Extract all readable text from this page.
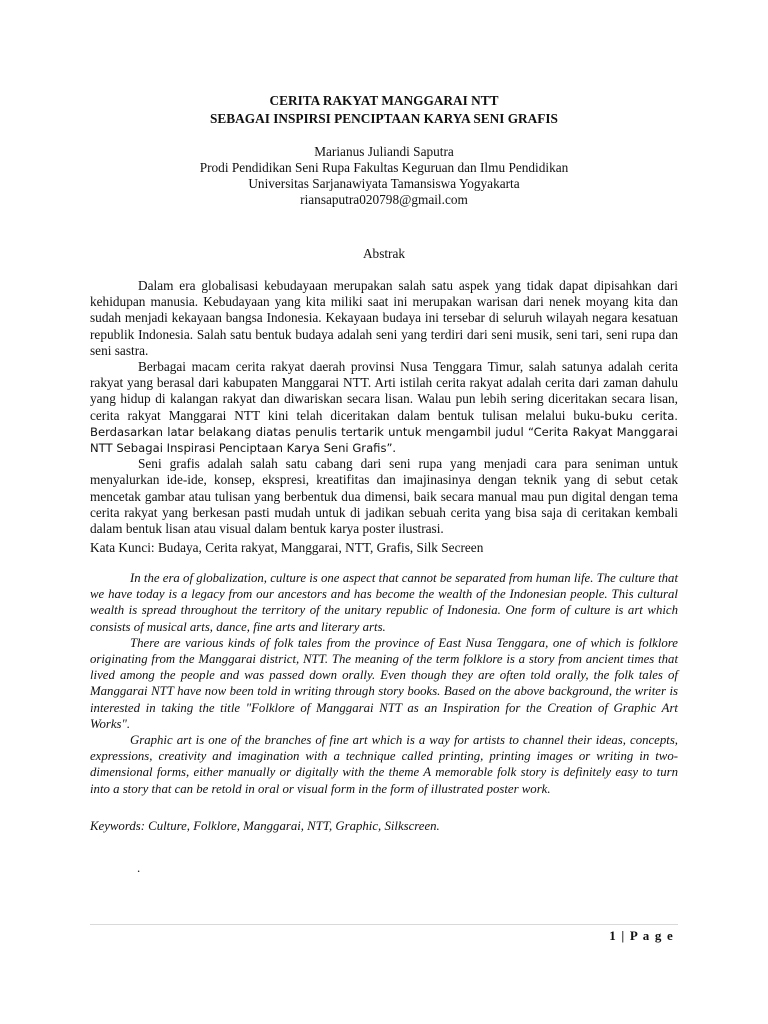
CERITA RAKYAT MANGGARAI NTT
SEBAGAI INSPIRSI PENCIPTAAN KARYA SENI GRAFIS
Marianus Juliandi Saputra
Prodi Pendidikan Seni Rupa Fakultas Keguruan dan Ilmu Pendidikan
Universitas Sarjanawiyata Tamansiswa Yogyakarta
riansaputra020798@gmail.com
Abstrak

Dalam era globalisasi kebudayaan merupakan salah satu aspek yang tidak dapat dipisahkan dari kehidupan manusia. Kebudayaan yang kita miliki saat ini merupakan warisan dari nenek moyang kita dan sudah menjadi kekayaan bangsa Indonesia. Kekayaan budaya ini tersebar di seluruh wilayah negara kesatuan republik Indonesia. Salah satu bentuk budaya adalah seni yang terdiri dari seni musik, seni tari, seni rupa dan seni sastra.

Berbagai macam cerita rakyat daerah provinsi Nusa Tenggara Timur, salah satunya adalah cerita rakyat yang berasal dari kabupaten Manggarai NTT. Arti istilah cerita rakyat adalah cerita dari zaman dahulu yang hidup di kalangan rakyat dan diwariskan secara lisan. Walau pun lebih sering diceritakan secara lisan, cerita rakyat Manggarai NTT kini telah diceritakan dalam bentuk tulisan melalui buku-buku cerita. Berdasarkan latar belakang diatas penulis tertarik untuk mengambil judul “Cerita Rakyat Manggarai NTT Sebagai Inspirasi Penciptaan Karya Seni Grafis”.

Seni grafis adalah salah satu cabang dari seni rupa yang menjadi cara para seniman untuk menyalurkan ide-ide, konsep, ekspresi, kreatifitas dan imajinasinya dengan teknik yang di sebut cetak mencetak gambar atau tulisan yang berbentuk dua dimensi, baik secara manual mau pun digital dengan tema cerita rakyat yang berkesan pasti mudah untuk di jadikan sebuah cerita yang bisa saja di ceritakan kembali dalam bentuk lisan atau visual dalam bentuk karya poster ilustrasi.

Kata Kunci: Budaya, Cerita rakyat, Manggarai, NTT, Grafis, Silk Secreen

In the era of globalization, culture is one aspect that cannot be separated from human life. The culture that we have today is a legacy from our ancestors and has become the wealth of the Indonesian people. This cultural wealth is spread throughout the territory of the unitary republic of Indonesia. One form of culture is art which consists of musical arts, dance, fine arts and literary arts.

There are various kinds of folk tales from the province of East Nusa Tenggara, one of which is folklore originating from the Manggarai district, NTT. The meaning of the term folklore is a story from ancient times that lived among the people and was passed down orally. Even though they are often told orally, the folk tales of Manggarai NTT have now been told in writing through story books. Based on the above background, the writer is interested in taking the title "Folklore of Manggarai NTT as an Inspiration for the Creation of Graphic Art Works".

Graphic art is one of the branches of fine art which is a way for artists to channel their ideas, concepts, expressions, creativity and imagination with a technique called printing, printing images or writing in two-dimensional forms, either manually or digitally with the theme A memorable folk story is definitely easy to turn into a story that can be retold in oral or visual form in the form of illustrated poster work.

Keywords: Culture, Folklore, Manggarai, NTT, Graphic, Silkscreen.
.
1 | P a g e
